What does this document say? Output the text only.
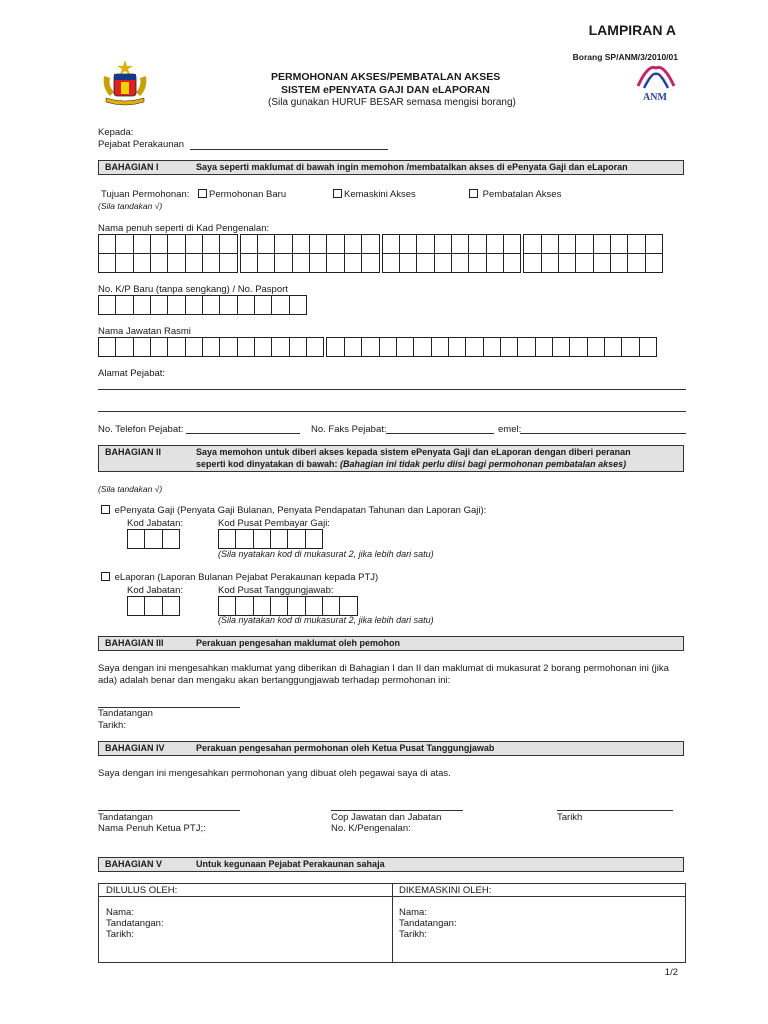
LAMPIRAN A
Borang SP/ANM/3/2010/01
ANM
PERMOHONAN AKSES/PEMBATALAN AKSES
SISTEM ePENYATA GAJI DAN eLAPORAN
(Sila gunakan HURUF BESAR semasa mengisi borang)
Kepada:
Pejabat Perakaunan
BAHAGIAN I	Saya seperti maklumat di bawah ingin memohon /membatalkan akses di ePenyata Gaji dan eLaporan
Tujuan Permohonan:
(Sila tandakan √)
Permohonan Baru	Kemaskini Akses	Pembatalan Akses
Nama penuh seperti di Kad Pengenalan:
No. K/P Baru (tanpa sengkang) / No. Pasport
Nama Jawatan Rasmi
Alamat Pejabat:
No. Telefon Pejabat:	No. Faks Pejabat:	emel:
BAHAGIAN II	Saya memohon untuk diberi akses kepada sistem ePenyata Gaji dan eLaporan dengan diberi peranan
seperti kod dinyatakan di bawah: (Bahagian ini tidak perlu diisi bagi permohonan pembatalan akses)
(Sila tandakan √)
ePenyata Gaji (Penyata Gaji Bulanan, Penyata Pendapatan Tahunan dan Laporan Gaji):
Kod Jabatan:	Kod Pusat Pembayar Gaji:
(Sila nyatakan kod di mukasurat 2, jika lebih dari satu)
eLaporan (Laporan Bulanan Pejabat Perakaunan kepada PTJ)
Kod Jabatan:	Kod Pusat Tanggungjawab:
(Sila nyatakan kod di mukasurat 2, jika lebih dari satu)
BAHAGIAN III	Perakuan pengesahan maklumat oleh pemohon
Saya dengan ini mengesahkan maklumat yang diberikan di Bahagian I dan II dan maklumat di mukasurat 2 borang permohonan ini (jika
ada) adalah benar dan mengaku akan bertanggungjawab terhadap permohonan ini:
Tandatangan
Tarikh:
BAHAGIAN IV	Perakuan pengesahan permohonan oleh Ketua Pusat Tanggungjawab
Saya dengan ini mengesahkan permohonan yang dibuat oleh pegawai saya di atas.
Tandatangan
Nama Penuh Ketua PTJ;:
Cop Jawatan dan Jabatan
No. K/Pengenalan:
Tarikh
BAHAGIAN V	Untuk kegunaan Pejabat Perakaunan sahaja
DILULUS OLEH:	DIKEMASKINI OLEH:
Nama:
Tandatangan:
Tarikh:
Nama:
Tandatangan:
Tarikh:
1/2
